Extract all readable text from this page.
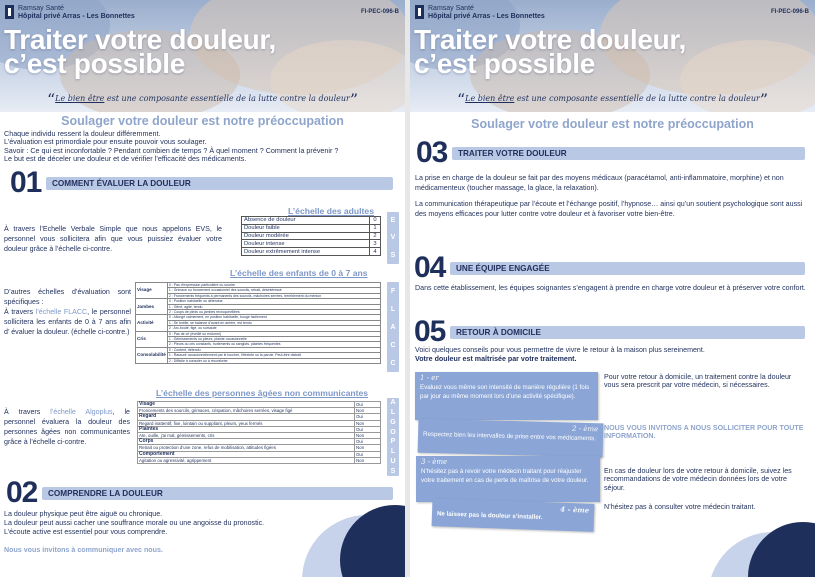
Ramsay Santé
Hôpital privé Arras - Les Bonnettes
FI-PEC-096-B
Traiter votre douleur,
c’est possible
“Le bien être est une composante essentielle de la lutte contre la douleur”
Soulager votre douleur est notre préoccupation
Chaque individu ressent la douleur différemment.
L’évaluation est primordiale pour ensuite pouvoir vous soulager.
Savoir : Ce qui est inconfortable ? Pendant combien de temps ? À quel moment ? Comment la prévenir ?
Le but est de déceler une douleur et de vérifier l’efficacité des médicaments.
01	COMMENT ÉVALUER LA DOULEUR
L’échelle des adultes
À travers l’Echelle Verbale Simple que nous appelons EVS, le personnel vous sollicitera afin que vous puissiez évaluer votre douleur grâce à l’échelle ci-contre.
Absence de douleur	0
Douleur faible	1
Douleur modérée	2
Douleur intense	3
Douleur extrêmement intense	4
E
V
S
L’échelle des enfants de 0 à 7 ans
D’autres échelles d’évaluation sont spécifiques :
À travers l’échelle FLACC, le personnel sollicitera les enfants de 0 à 7 ans afin d’ évaluer la douleur. (échelle ci-contre.)
Visage	0 : Pas d’expression particulière ou sourire
	1 : Grimace ou froncement occasionnel des sourcils, retrait, désintéressé
	2 : Froncements fréquents à permanents des sourcils, mâchoires serrées, tremblement du menton
Jambes	0 : Position habituelle ou détendue
	1 : Gêné, agité, tendu
	2 : Coups de pieds ou jambes recroquevillées
Activité	0 : Allongé calmement, en position habituelle, bouge facilement
	1 : Se tortille, se balance d’avant en arrière, est tendu
	2 : Arc-bouté, figé, ou sursaute
Cris	0 : Pas de cri (éveillé ou endormi)
	1 : Gémissements ou pleurs, plainte occasionnelle
	2 : Pleurs ou cris constants, hurlements ou sanglots, plaintes fréquentes
Consolabilité	0 : Content, détendu
	1 : Rassuré occasionnellement par le toucher, l’étreinte ou la parole. Peut-être distrait
	2 : Difficile à consoler ou à réconforter
F
L
A
C
C
L’échelle des personnes âgées non communicantes
À travers l’échelle Algoplus, le personnel évaluera la douleur des personnes âgées non communicantes grâce à l’échelle ci-contre.
Visage	Oui
Froncements des sourcils, grimaces, crispation, mâchoires serrées, visage figé	Non
Regard	Oui
Regard inattentif, fixe, lointain ou suppliant, pleurs, yeux fermés	Non
Plaintes	Oui
Aïe, ouille, j’ai mal, gémissements, cris	Non
Corps	Oui
Retrait ou protection d’une zone, refus de mobilisation, attitudes figées	Non
Comportement	Oui
Agitation ou agressivité, agrippement	Non
A
L
G
O
P
L
U
S
02	COMPRENDRE LA DOULEUR
La douleur physique peut être aiguë ou chronique.
La douleur peut aussi cacher une souffrance morale ou une angoisse du pronostic.
L’écoute active est essentiel pour vous comprendre.
Nous vous invitons à communiquer avec nous.
Ramsay Santé
Hôpital privé Arras - Les Bonnettes
FI-PEC-096-B
Traiter votre douleur,
c’est possible
“Le bien être est une composante essentielle de la lutte contre la douleur”
Soulager votre douleur est notre préoccupation
03	TRAITER VOTRE DOULEUR
La prise en charge de la douleur se fait par des moyens médicaux (paracétamol, anti-inflammatoire, morphine) et non médicamenteux (toucher massage, la glace, la relaxation).
La communication thérapeutique par l’écoute et l’échange positif, l’hypnose… ainsi qu’un soutient psychologique sont aussi des moyens efficaces pour lutter contre votre douleur et à favoriser votre bien-être.
04	UNE ÉQUIPE ENGAGÉE
Dans cette établissement, les équipes soignantes s’engagent à prendre en charge votre douleur et à préserver votre confort.
05	RETOUR À DOMICILE
Voici quelques conseils pour vous permettre de vivre le retour à la maison plus sereinement.
Votre douleur est maîtrisée par votre traitement.
1 - er
Evaluez vous même son intensité de manière régulière (1 fois par jour au même moment lors d’une activité spécifique).
2 - ème
Respectez bien les intervalles de prise entre vos médicaments.
3 - ème
N’hésitez pas à revoir votre médecin traitant pour réajuster votre traitement en cas de perte de maîtrise de votre douleur.
4 - ème
Ne laissez pas la douleur s’installer.
Pour votre retour à domicile, un traitement contre la douleur vous sera prescrit par votre médecin, si nécessaires.
NOUS VOUS INVITONS A NOUS SOLLICITER POUR TOUTE INFORMATION.
En cas de douleur lors de votre retour à domicile, suivez les recommandations de votre médecin données lors de votre séjour.
N’hésitez pas à consulter votre médecin traitant.
